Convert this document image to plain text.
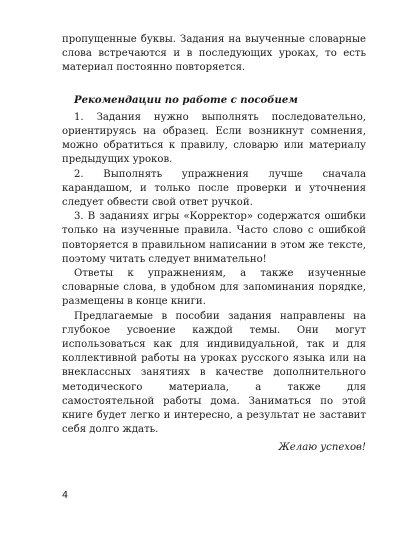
пропущенные буквы. Задания на выученные словарные слова встречаются и в последующих уроках, то есть материал постоянно повторяется.

Рекомендации по работе с пособием

1. Задания нужно выполнять последовательно, ориентируясь на образец. Если возникнут сомнения, можно обратиться к правилу, словарю или материалу предыдущих уроков.

2. Выполнять упражнения лучше сначала карандашом, и только после проверки и уточнения следует обвести свой ответ ручкой.

3. В заданиях игры «Корректор» содержатся ошибки только на изученные правила. Часто слово с ошибкой повторяется в правильном написании в этом же тексте, поэтому читать следует внимательно!

Ответы к упражнениям, а также изученные словарные слова, в удобном для запоминания порядке, размещены в конце книги.

Предлагаемые в пособии задания направлены на глубокое усвоение каждой темы. Они могут использоваться как для индивидуальной, так и для коллективной работы на уроках русского языка или на внеклассных занятиях в качестве дополнительного методического материала, а также для самостоятельной работы дома. Заниматься по этой книге будет легко и интересно, а результат не заставит себя долго ждать.

Желаю успехов!

4
